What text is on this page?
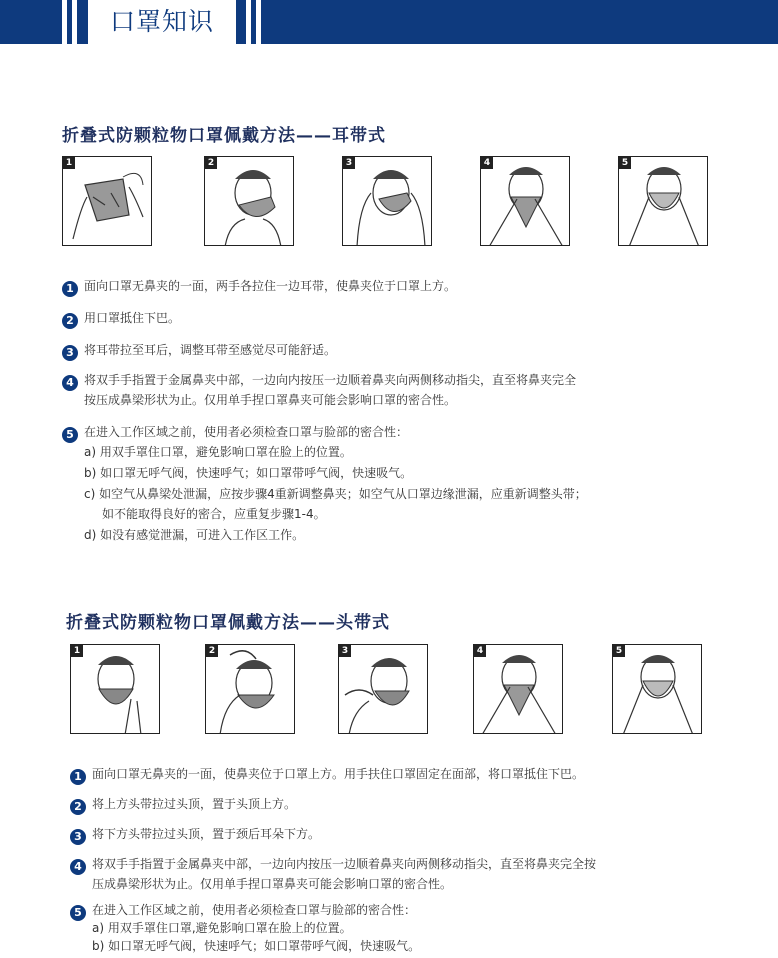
口罩知识
折叠式防颗粒物口罩佩戴方法——耳带式
1	2	3	4	5
1 面向口罩无鼻夹的一面，两手各拉住一边耳带，使鼻夹位于口罩上方。
2 用口罩抵住下巴。
3 将耳带拉至耳后，调整耳带至感觉尽可能舒适。
4 将双手手指置于金属鼻夹中部，一边向内按压一边顺着鼻夹向两侧移动指尖，直至将鼻夹完全
按压成鼻梁形状为止。仅用单手捏口罩鼻夹可能会影响口罩的密合性。
5 在进入工作区域之前，使用者必须检查口罩与脸部的密合性：
a) 用双手罩住口罩，避免影响口罩在脸上的位置。
b) 如口罩无呼气阀，快速呼气；如口罩带呼气阀，快速吸气。
c) 如空气从鼻梁处泄漏，应按步骤4重新调整鼻夹；如空气从口罩边缘泄漏，应重新调整头带；
如不能取得良好的密合，应重复步骤1-4。
d) 如没有感觉泄漏，可进入工作区工作。
折叠式防颗粒物口罩佩戴方法——头带式
1	2	3	4	5
1 面向口罩无鼻夹的一面，使鼻夹位于口罩上方。用手扶住口罩固定在面部，将口罩抵住下巴。
2 将上方头带拉过头顶，置于头顶上方。
3 将下方头带拉过头顶，置于颈后耳朵下方。
4 将双手手指置于金属鼻夹中部，一边向内按压一边顺着鼻夹向两侧移动指尖，直至将鼻夹完全按
压成鼻梁形状为止。仅用单手捏口罩鼻夹可能会影响口罩的密合性。
5 在进入工作区域之前，使用者必须检查口罩与脸部的密合性：
a) 用双手罩住口罩,避免影响口罩在脸上的位置。
b) 如口罩无呼气阀，快速呼气；如口罩带呼气阀，快速吸气。
